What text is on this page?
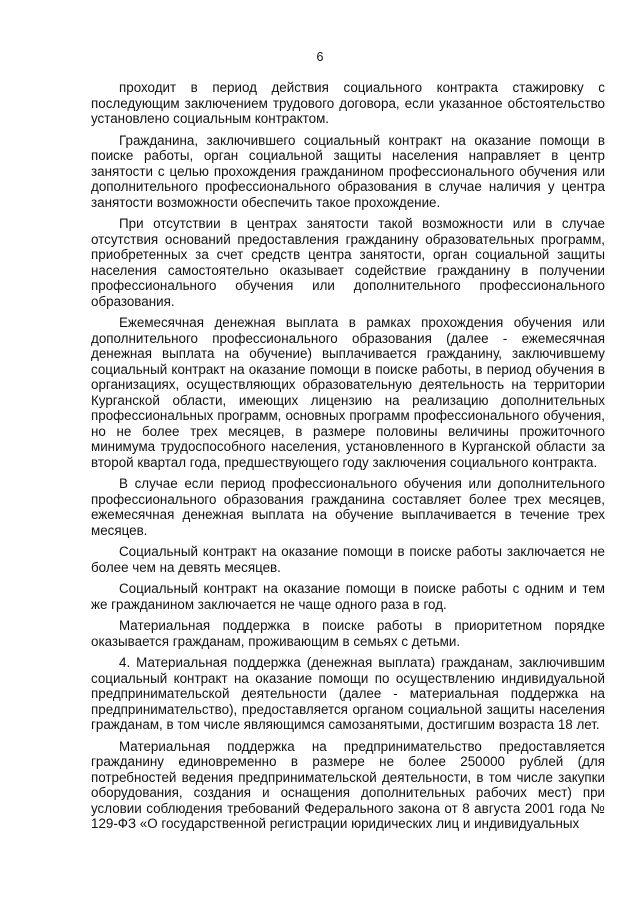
6

проходит в период действия социального контракта стажировку с последующим заключением трудового договора, если указанное обстоятельство установлено социальным контрактом.

Гражданина, заключившего социальный контракт на оказание помощи в поиске работы, орган социальной защиты населения направляет в центр занятости с целью прохождения гражданином профессионального обучения или дополнительного профессионального образования в случае наличия у центра занятости возможности обеспечить такое прохождение.

При отсутствии в центрах занятости такой возможности или в случае отсутствия оснований предоставления гражданину образовательных программ, приобретенных за счет средств центра занятости, орган социальной защиты населения самостоятельно оказывает содействие гражданину в получении профессионального обучения или дополнительного профессионального образования.

Ежемесячная денежная выплата в рамках прохождения обучения или дополнительного профессионального образования (далее - ежемесячная денежная выплата на обучение) выплачивается гражданину, заключившему социальный контракт на оказание помощи в поиске работы, в период обучения в организациях, осуществляющих образовательную деятельность на территории Курганской области, имеющих лицензию на реализацию дополнительных профессиональных программ, основных программ профессионального обучения, но не более трех месяцев, в размере половины величины прожиточного минимума трудоспособного населения, установленного в Курганской области за второй квартал года, предшествующего году заключения социального контракта.

В случае если период профессионального обучения или дополнительного профессионального образования гражданина составляет более трех месяцев, ежемесячная денежная выплата на обучение выплачивается в течение трех месяцев.

Социальный контракт на оказание помощи в поиске работы заключается не более чем на девять месяцев.

Социальный контракт на оказание помощи в поиске работы с одним и тем же гражданином заключается не чаще одного раза в год.

Материальная поддержка в поиске работы в приоритетном порядке оказывается гражданам, проживающим в семьях с детьми.

4. Материальная поддержка (денежная выплата) гражданам, заключившим социальный контракт на оказание помощи по осуществлению индивидуальной предпринимательской деятельности (далее - материальная поддержка на предпринимательство), предоставляется органом социальной защиты населения гражданам, в том числе являющимся самозанятыми, достигшим возраста 18 лет.

Материальная поддержка на предпринимательство предоставляется гражданину единовременно в размере не более 250000 рублей (для потребностей ведения предпринимательской деятельности, в том числе закупки оборудования, создания и оснащения дополнительных рабочих мест) при условии соблюдения требований Федерального закона от 8 августа 2001 года № 129-ФЗ «О государственной регистрации юридических лиц и индивидуальных
